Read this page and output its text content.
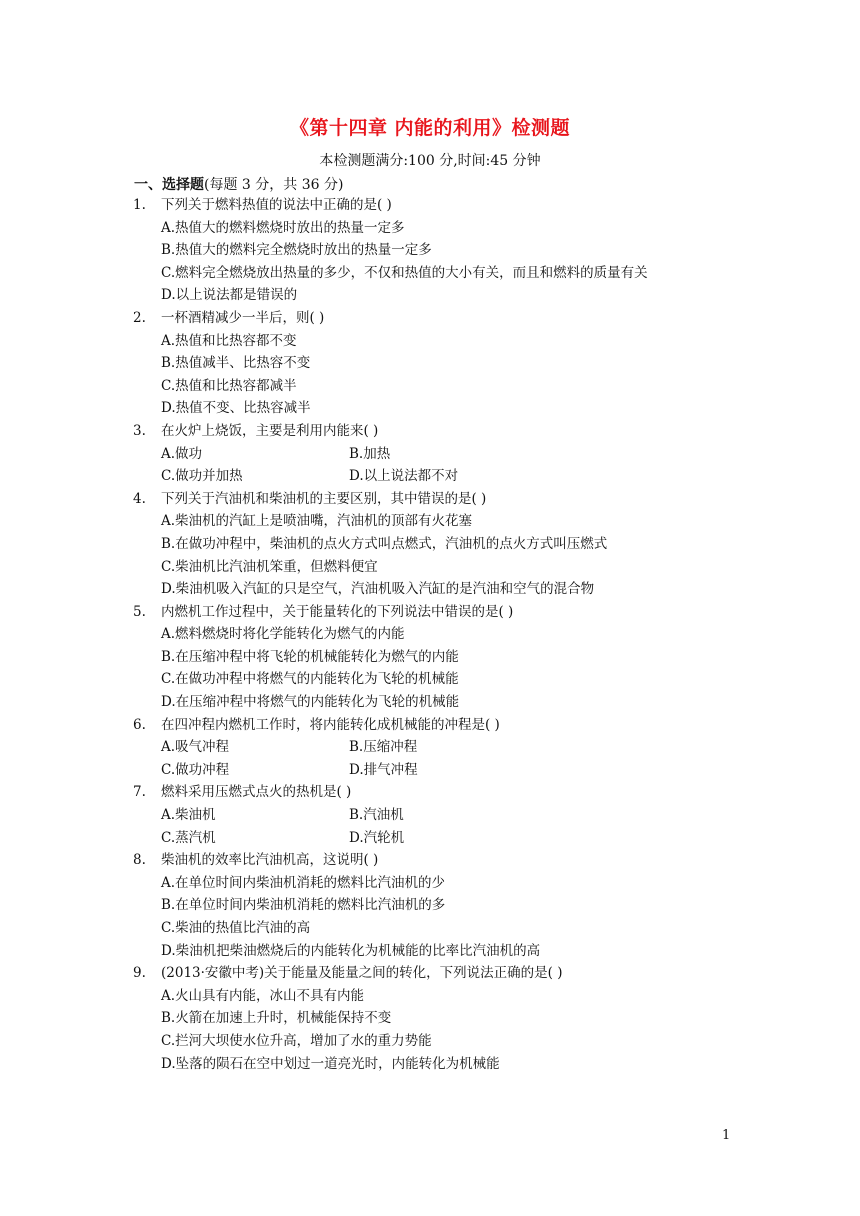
《第十四章 内能的利用》检测题
本检测题满分:100 分,时间:45 分钟
一、选择题(每题 3 分，共 36 分)
1. 下列关于燃料热值的说法中正确的是( )
A.热值大的燃料燃烧时放出的热量一定多
B.热值大的燃料完全燃烧时放出的热量一定多
C.燃料完全燃烧放出热量的多少，不仅和热值的大小有关，而且和燃料的质量有关
D.以上说法都是错误的
2. 一杯酒精减少一半后，则( )
A.热值和比热容都不变
B.热值减半、比热容不变
C.热值和比热容都减半
D.热值不变、比热容减半
3. 在火炉上烧饭，主要是利用内能来( )
A.做功	B.加热
C.做功并加热	D.以上说法都不对
4. 下列关于汽油机和柴油机的主要区别，其中错误的是( )
A.柴油机的汽缸上是喷油嘴，汽油机的顶部有火花塞
B.在做功冲程中，柴油机的点火方式叫点燃式，汽油机的点火方式叫压燃式
C.柴油机比汽油机笨重，但燃料便宜
D.柴油机吸入汽缸的只是空气，汽油机吸入汽缸的是汽油和空气的混合物
5. 内燃机工作过程中，关于能量转化的下列说法中错误的是( )
A.燃料燃烧时将化学能转化为燃气的内能
B.在压缩冲程中将飞轮的机械能转化为燃气的内能
C.在做功冲程中将燃气的内能转化为飞轮的机械能
D.在压缩冲程中将燃气的内能转化为飞轮的机械能
6. 在四冲程内燃机工作时，将内能转化成机械能的冲程是( )
A.吸气冲程	B.压缩冲程
C.做功冲程	D.排气冲程
7. 燃料采用压燃式点火的热机是( )
A.柴油机	B.汽油机
C.蒸汽机	D.汽轮机
8. 柴油机的效率比汽油机高，这说明( )
A.在单位时间内柴油机消耗的燃料比汽油机的少
B.在单位时间内柴油机消耗的燃料比汽油机的多
C.柴油的热值比汽油的高
D.柴油机把柴油燃烧后的内能转化为机械能的比率比汽油机的高
9. (2013·安徽中考)关于能量及能量之间的转化，下列说法正确的是( )
A.火山具有内能，冰山不具有内能
B.火箭在加速上升时，机械能保持不变
C.拦河大坝使水位升高，增加了水的重力势能
D.坠落的陨石在空中划过一道亮光时，内能转化为机械能
1
